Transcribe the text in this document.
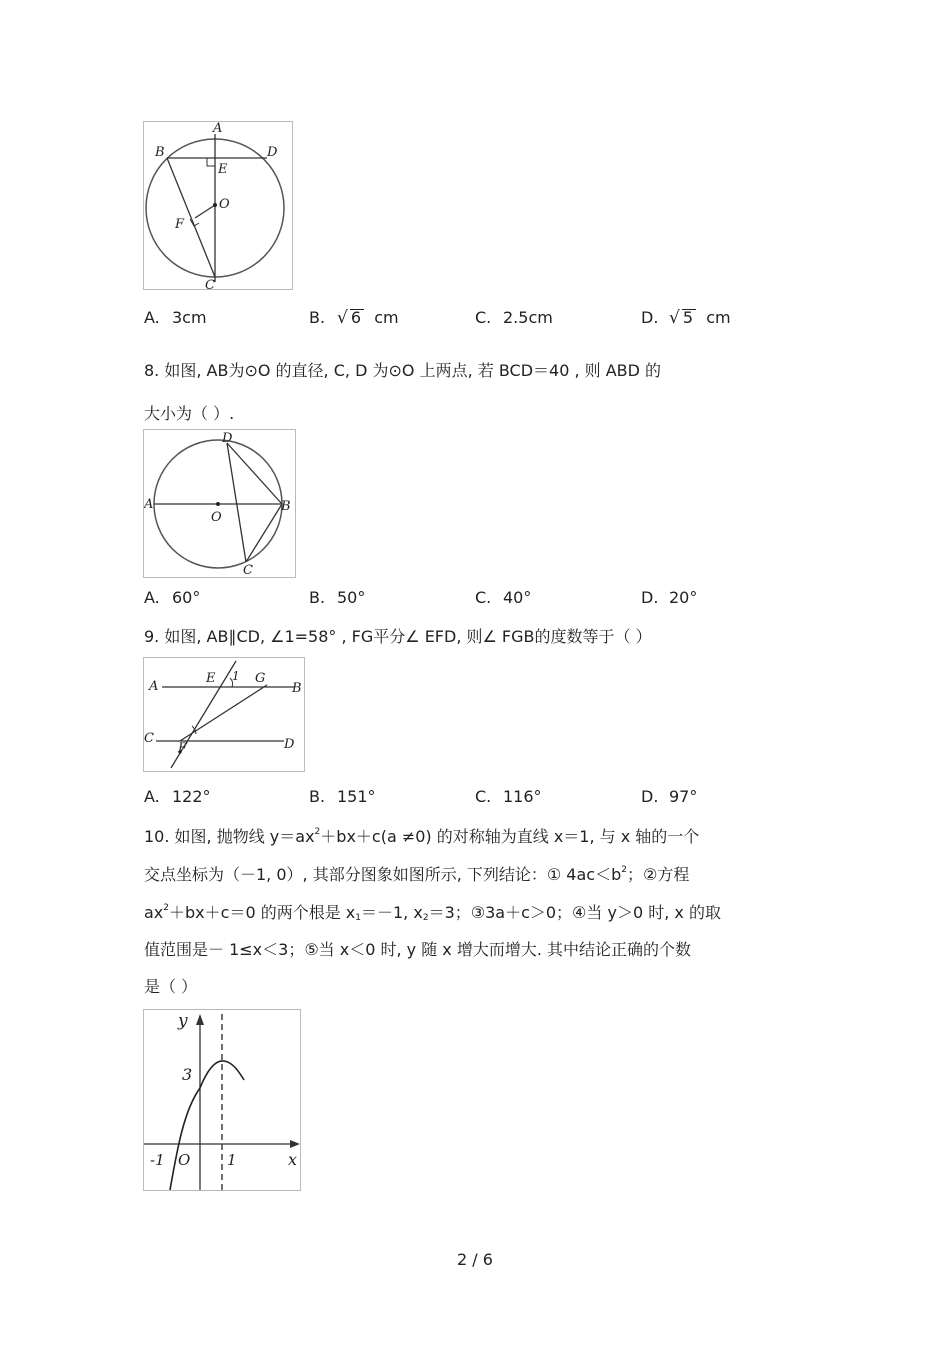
A
B	D
E
O
F
C
A. 3cm	B. √ 6 cm	C. 2.5cm	D. √ 5 cm
8. 如图, AB为⊙O 的直径, C, D 为⊙O 上两点, 若 BCD＝40 , 则 ABD 的
大小为（ ）.
D
A
O
B
C
A. 60°	B. 50°	C. 40°	D. 20°
9. 如图, AB∥CD, ∠1=58° , FG平分∠ EFD, 则∠ FGB的度数等于（ ）
A
E 1 G
B
C
F	D
A. 122°	B. 151°	C. 116°	D. 97°
10. 如图, 抛物线 $y=ax^2+bx+c(a \ne 0)$ 的对称轴为直线 x＝1, 与 x 轴的一个
交点坐标为（－1, 0）, 其部分图象如图所示, 下列结论：① $4ac<b^2$；②方程
$ax^2+bx+c=0$ 的两个根是 $x_1=-1$, $x_2=3$；③3a＋c＞0；④当 y＞0 时, x 的取
值范围是－ 1≤x＜3；⑤当 x＜0 时, y 随 x 增大而增大. 其中结论正确的个数
是（ ）
y
3
-1 O 1	x
2 / 6
